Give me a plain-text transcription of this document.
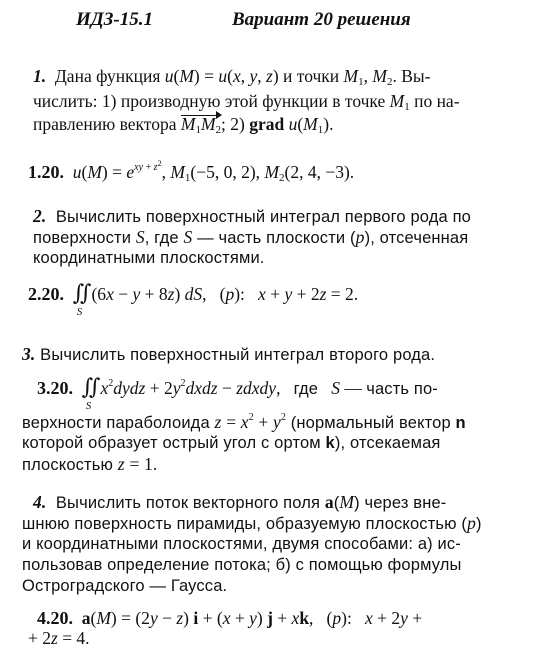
ИДЗ-15.1	Вариант 20 решения
1.  Дана функция u(M) = u(x, y, z) и точки $M_1$, $M_2$. Вы-
числить: 1) производную этой функции в точке $M_1$ по на-
правлению вектора $M_1M_2$; 2) grad $u(M_1)$.
1.20. $u(M) = e^{xy + z^2}$, $M_1(-5$, 0, 2), $M_2(2$, 4, −3).
2.  Вычислить поверхностный интеграл первого рода по
поверхности S, где S — часть плоскости (p), отсеченная
координатными плоскостями.
2.20. ∬
S
(6x − y + 8z) dS,   (p):   x + y + 2z = 2.
3. Вычислить поверхностный интеграл второго рода.
3.20. ∬
S
$x^2dydz$ + $2y^2dxdz$ − zdxdy,   где S — часть по-
верхности параболоида $z = x^2 + y^2$ (нормальный вектор n
которой образует острый угол с ортом k), отсекаемая
плоскостью z = 1.
4.  Вычислить поток векторного поля a(M) через вне-
шнюю поверхность пирамиды, образуемую плоскостью (p)
и координатными плоскостями, двумя способами: а) ис-
пользовав определение потока; б) с помощью формулы
Остроградского — Гаусса.
4.20. a(M) = (2y − z) i + (x + y) j + xk,   (p):   x + 2y +
+ 2z = 4.
